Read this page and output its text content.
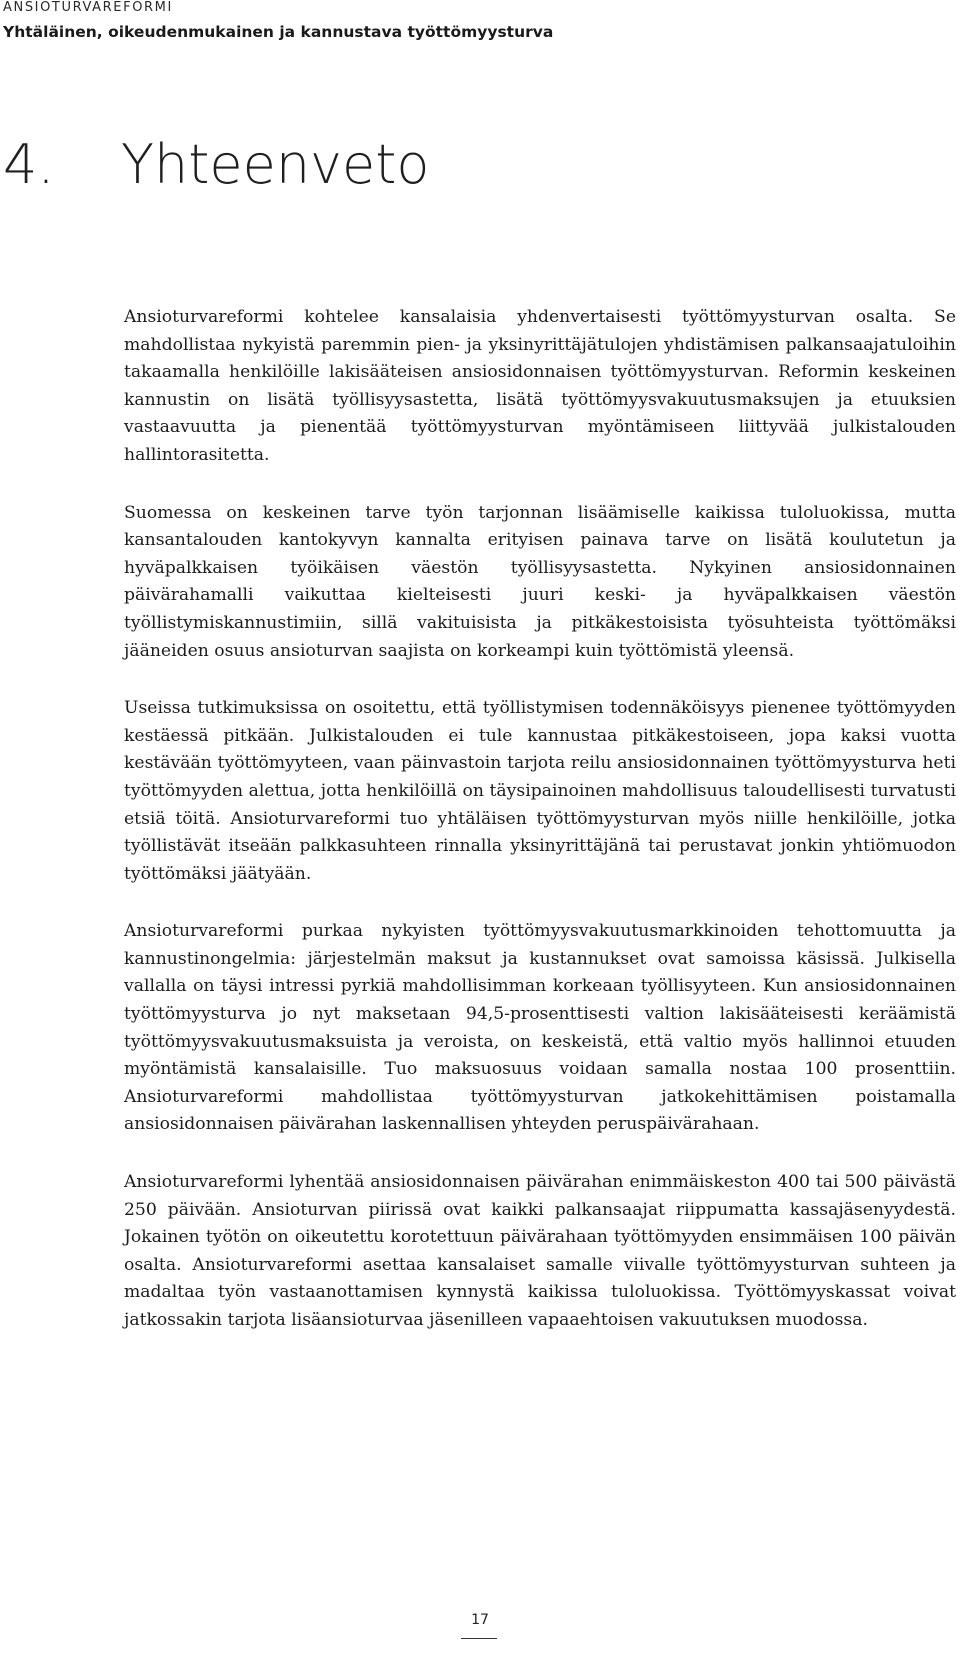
ANSIOTURVAREFORMI
Yhtäläinen, oikeudenmukainen ja kannustava työttömyysturva
4. Yhteenveto

Ansioturvareformi kohtelee kansalaisia yhdenvertaisesti työttömyysturvan osalta. Se mahdollistaa nykyistä paremmin pien- ja yksinyrittäjätulojen yhdistämisen palkansaajatuloihin takaamalla henkilöille lakisääteisen ansiosidonnaisen työttömyysturvan. Reformin keskeinen kannustin on lisätä työllisyysastetta, lisätä työttömyysvakuutusmaksujen ja etuuksien vastaavuutta ja pienentää työttömyysturvan myöntämiseen liittyvää julkistalouden hallintorasitetta.

Suomessa on keskeinen tarve työn tarjonnan lisäämiselle kaikissa tuloluokissa, mutta kansantalouden kantokyvyn kannalta erityisen painava tarve on lisätä koulutetun ja hyväpalkkaisen työikäisen väestön työllisyysastetta. Nykyinen ansiosidonnainen päivärahamalli vaikuttaa kielteisesti juuri keski- ja hyväpalkkaisen väestön työllistymiskannustimiin, sillä vakituisista ja pitkäkestoisista työsuhteista työttömäksi jääneiden osuus ansioturvan saajista on korkeampi kuin työttömistä yleensä.

Useissa tutkimuksissa on osoitettu, että työllistymisen todennäköisyys pienenee työttömyyden kestäessä pitkään. Julkistalouden ei tule kannustaa pitkäkestoiseen, jopa kaksi vuotta kestävään työttömyyteen, vaan päinvastoin tarjota reilu ansiosidonnainen työttömyysturva heti työttömyyden alettua, jotta henkilöillä on täysipainoinen mahdollisuus taloudellisesti turvatusti etsiä töitä. Ansioturvareformi tuo yhtäläisen työttömyysturvan myös niille henkilöille, jotka työllistävät itseään palkkasuhteen rinnalla yksinyrittäjänä tai perustavat jonkin yhtiömuodon työttömäksi jäätyään.

Ansioturvareformi purkaa nykyisten työttömyysvakuutusmarkkinoiden tehottomuutta ja kannustinongelmia: järjestelmän maksut ja kustannukset ovat samoissa käsissä. Julkisella vallalla on täysi intressi pyrkiä mahdollisimman korkeaan työllisyyteen. Kun ansiosidonnainen työttömyysturva jo nyt maksetaan 94,5-prosenttisesti valtion lakisääteisesti keräämistä työttömyysvakuutusmaksuista ja veroista, on keskeistä, että valtio myös hallinnoi etuuden myöntämistä kansalaisille. Tuo maksuosuus voidaan samalla nostaa 100 prosenttiin. Ansioturvareformi mahdollistaa työttömyysturvan jatkokehittämisen poistamalla ansiosidonnaisen päivärahan laskennallisen yhteyden peruspäivärahaan.

Ansioturvareformi lyhentää ansiosidonnaisen päivärahan enimmäiskeston 400 tai 500 päivästä 250 päivään. Ansioturvan piirissä ovat kaikki palkansaajat riippumatta kassajäsenyydestä. Jokainen työtön on oikeutettu korotettuun päivärahaan työttömyyden ensimmäisen 100 päivän osalta. Ansioturvareformi asettaa kansalaiset samalle viivalle työttömyysturvan suhteen ja madaltaa työn vastaanottamisen kynnystä kaikissa tuloluokissa. Työttömyyskassat voivat jatkossakin tarjota lisäansioturvaa jäsenilleen vapaaehtoisen vakuutuksen muodossa.

17
